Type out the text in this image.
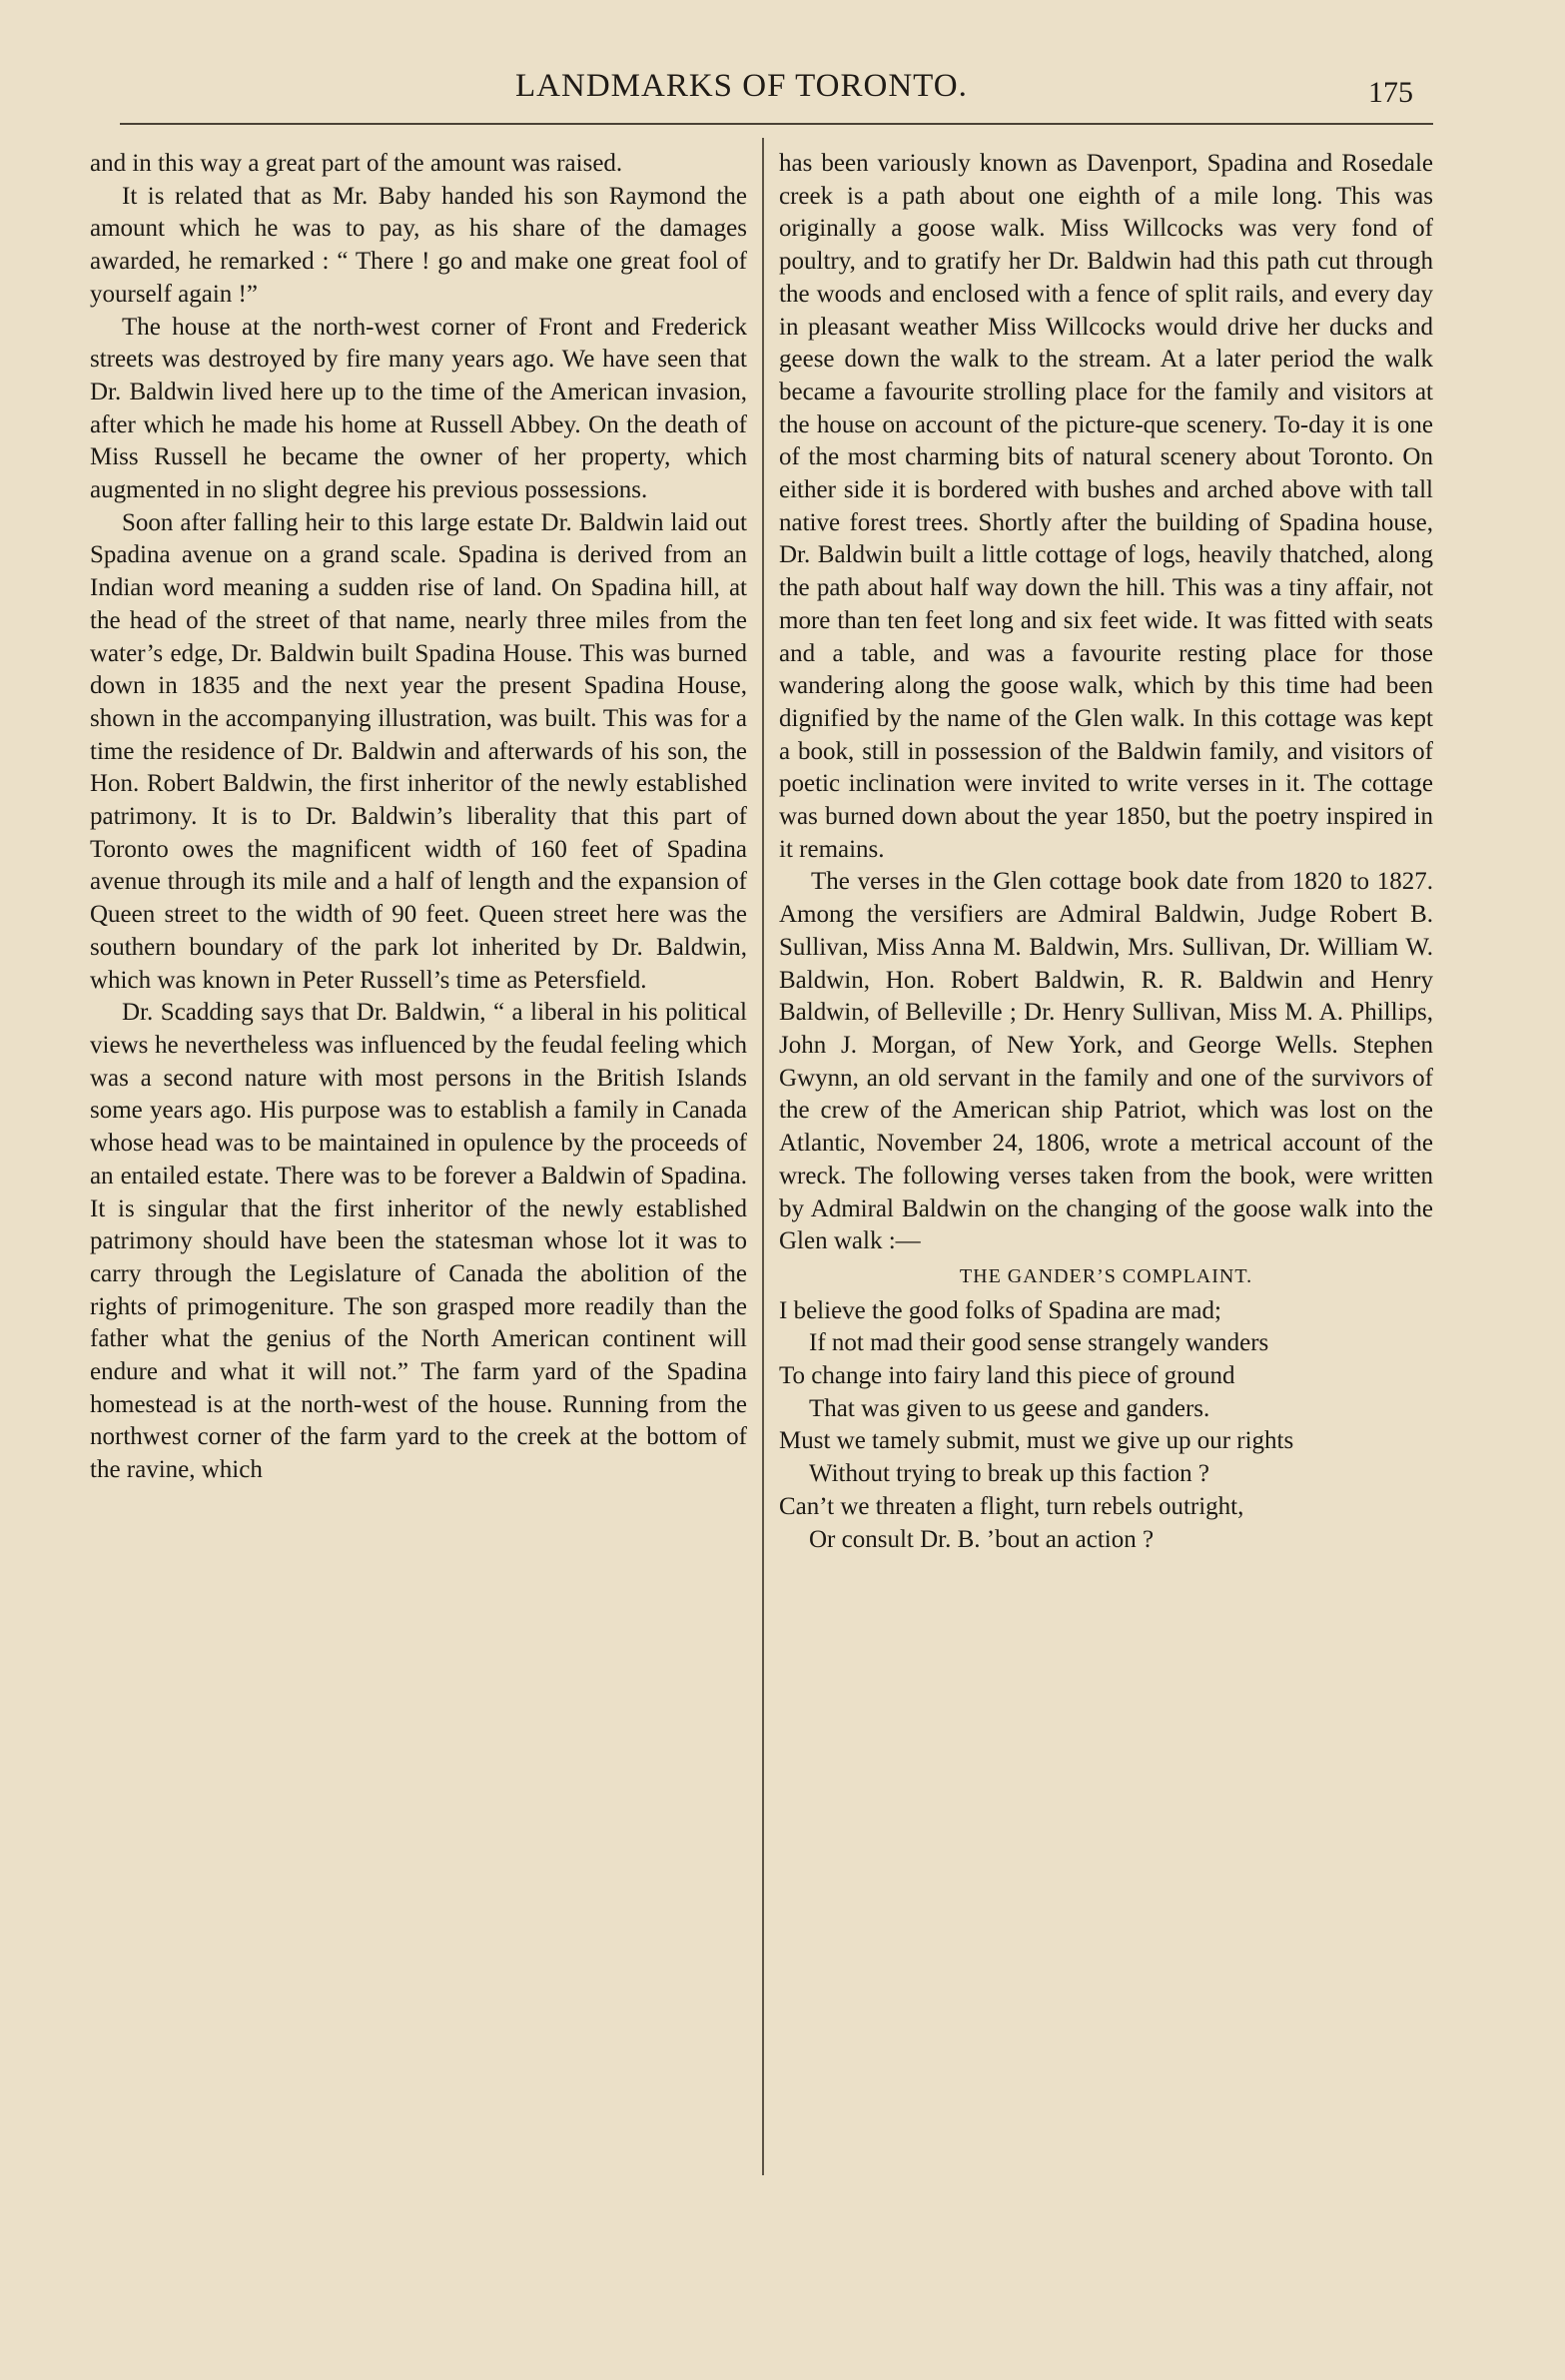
LANDMARKS OF TORONTO.	175

and in this way a great part of the amount was raised.

It is related that as Mr. Baby handed his son Raymond the amount which he was to pay, as his share of the damages awarded, he remarked : “ There ! go and make one great fool of yourself again !”

The house at the north-west corner of Front and Frederick streets was destroyed by fire many years ago. We have seen that Dr. Baldwin lived here up to the time of the American invasion, after which he made his home at Russell Abbey. On the death of Miss Russell he became the owner of her property, which augmented in no slight degree his previous possessions.

Soon after falling heir to this large estate Dr. Baldwin laid out Spadina avenue on a grand scale. Spadina is derived from an Indian word meaning a sudden rise of land. On Spadina hill, at the head of the street of that name, nearly three miles from the water’s edge, Dr. Baldwin built Spadina House. This was burned down in 1835 and the next year the present Spadina House, shown in the accompanying illustration, was built. This was for a time the residence of Dr. Baldwin and afterwards of his son, the Hon. Robert Baldwin, the first inheritor of the newly established patrimony. It is to Dr. Baldwin’s liberality that this part of Toronto owes the magnificent width of 160 feet of Spadina avenue through its mile and a half of length and the expansion of Queen street to the width of 90 feet. Queen street here was the southern boundary of the park lot inherited by Dr. Baldwin, which was known in Peter Russell’s time as Petersfield.

Dr. Scadding says that Dr. Baldwin, “ a liberal in his political views he nevertheless was influenced by the feudal feeling which was a second nature with most persons in the British Islands some years ago. His purpose was to establish a family in Canada whose head was to be maintained in opulence by the proceeds of an entailed estate. There was to be forever a Baldwin of Spadina. It is singular that the first inheritor of the newly established patrimony should have been the statesman whose lot it was to carry through the Legislature of Canada the abolition of the rights of primogeniture. The son grasped more readily than the father what the genius of the North American continent will endure and what it will not.” The farm yard of the Spadina homestead is at the north-west of the house. Running from the northwest corner of the farm yard to the creek at the bottom of the ravine, which

has been variously known as Davenport, Spadina and Rosedale creek is a path about one eighth of a mile long. This was originally a goose walk. Miss Willcocks was very fond of poultry, and to gratify her Dr. Baldwin had this path cut through the woods and enclosed with a fence of split rails, and every day in pleasant weather Miss Willcocks would drive her ducks and geese down the walk to the stream. At a later period the walk became a favourite strolling place for the family and visitors at the house on account of the picture-que scenery. To-day it is one of the most charming bits of natural scenery about Toronto. On either side it is bordered with bushes and arched above with tall native forest trees. Shortly after the building of Spadina house, Dr. Baldwin built a little cottage of logs, heavily thatched, along the path about half way down the hill. This was a tiny affair, not more than ten feet long and six feet wide. It was fitted with seats and a table, and was a favourite resting place for those wandering along the goose walk, which by this time had been dignified by the name of the Glen walk. In this cottage was kept a book, still in possession of the Baldwin family, and visitors of poetic inclination were invited to write verses in it. The cottage was burned down about the year 1850, but the poetry inspired in it remains.

The verses in the Glen cottage book date from 1820 to 1827. Among the versifiers are Admiral Baldwin, Judge Robert B. Sullivan, Miss Anna M. Baldwin, Mrs. Sullivan, Dr. William W. Baldwin, Hon. Robert Baldwin, R. R. Baldwin and Henry Baldwin, of Belleville ; Dr. Henry Sullivan, Miss M. A. Phillips, John J. Morgan, of New York, and George Wells. Stephen Gwynn, an old servant in the family and one of the survivors of the crew of the American ship Patriot, which was lost on the Atlantic, November 24, 1806, wrote a metrical account of the wreck. The following verses taken from the book, were written by Admiral Baldwin on the changing of the goose walk into the Glen walk :—

THE GANDER’S COMPLAINT.

I believe the good folks of Spadina are mad;

If not mad their good sense strangely wanders

To change into fairy land this piece of ground

That was given to us geese and ganders.

Must we tamely submit, must we give up our rights

Without trying to break up this faction ?

Can’t we threaten a flight, turn rebels outright,

Or consult Dr. B. ’bout an action ?
